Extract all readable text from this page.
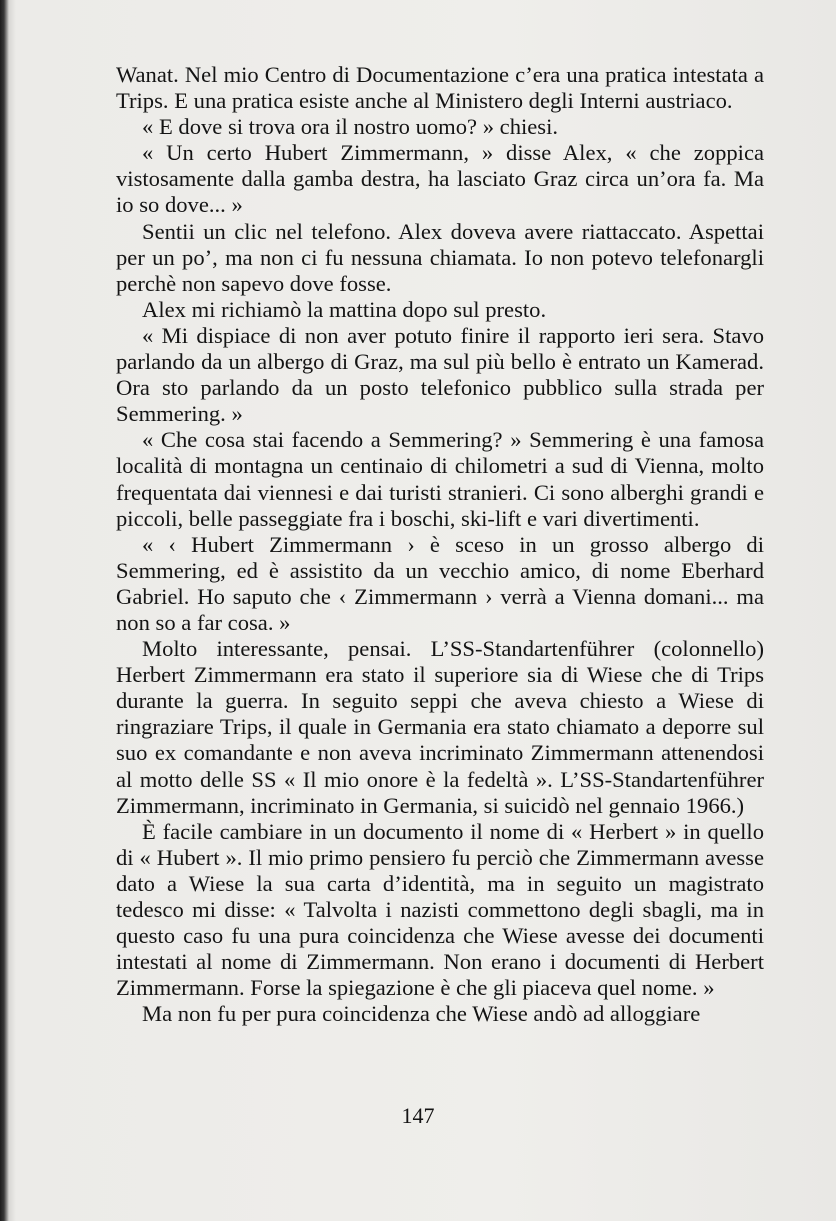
Wanat. Nel mio Centro di Documentazione c’era una pratica intestata a Trips. E una pratica esiste anche al Ministero degli Interni austriaco.

« E dove si trova ora il nostro uomo? » chiesi.

« Un certo Hubert Zimmermann, » disse Alex, « che zoppica vistosamente dalla gamba destra, ha lasciato Graz circa un’ora fa. Ma io so dove... »

Sentii un clic nel telefono. Alex doveva avere riattaccato. Aspettai per un po’, ma non ci fu nessuna chiamata. Io non potevo telefonargli perchè non sapevo dove fosse.

Alex mi richiamò la mattina dopo sul presto.

« Mi dispiace di non aver potuto finire il rapporto ieri sera. Stavo parlando da un albergo di Graz, ma sul più bello è entrato un Kamerad. Ora sto parlando da un posto telefonico pubblico sulla strada per Semmering. »

« Che cosa stai facendo a Semmering? » Semmering è una famosa località di montagna un centinaio di chilometri a sud di Vienna, molto frequentata dai viennesi e dai turisti stranieri. Ci sono alberghi grandi e piccoli, belle passeggiate fra i boschi, ski-lift e vari divertimenti.

« ‹ Hubert Zimmermann › è sceso in un grosso albergo di Semmering, ed è assistito da un vecchio amico, di nome Eberhard Gabriel. Ho saputo che ‹ Zimmermann › verrà a Vienna domani... ma non so a far cosa. »

Molto interessante, pensai. L’SS-Standartenführer (colonnello) Herbert Zimmermann era stato il superiore sia di Wiese che di Trips durante la guerra. In seguito seppi che aveva chiesto a Wiese di ringraziare Trips, il quale in Germania era stato chiamato a deporre sul suo ex comandante e non aveva incriminato Zimmermann attenendosi al motto delle SS « Il mio onore è la fedeltà ». L’SS-Standartenführer Zimmermann, incriminato in Germania, si suicidò nel gennaio 1966.)

È facile cambiare in un documento il nome di « Herbert » in quello di « Hubert ». Il mio primo pensiero fu perciò che Zimmermann avesse dato a Wiese la sua carta d’identità, ma in seguito un magistrato tedesco mi disse: « Talvolta i nazisti commettono degli sbagli, ma in questo caso fu una pura coincidenza che Wiese avesse dei documenti intestati al nome di Zimmermann. Non erano i documenti di Herbert Zimmermann. Forse la spiegazione è che gli piaceva quel nome. »

Ma non fu per pura coincidenza che Wiese andò ad alloggiare

147
